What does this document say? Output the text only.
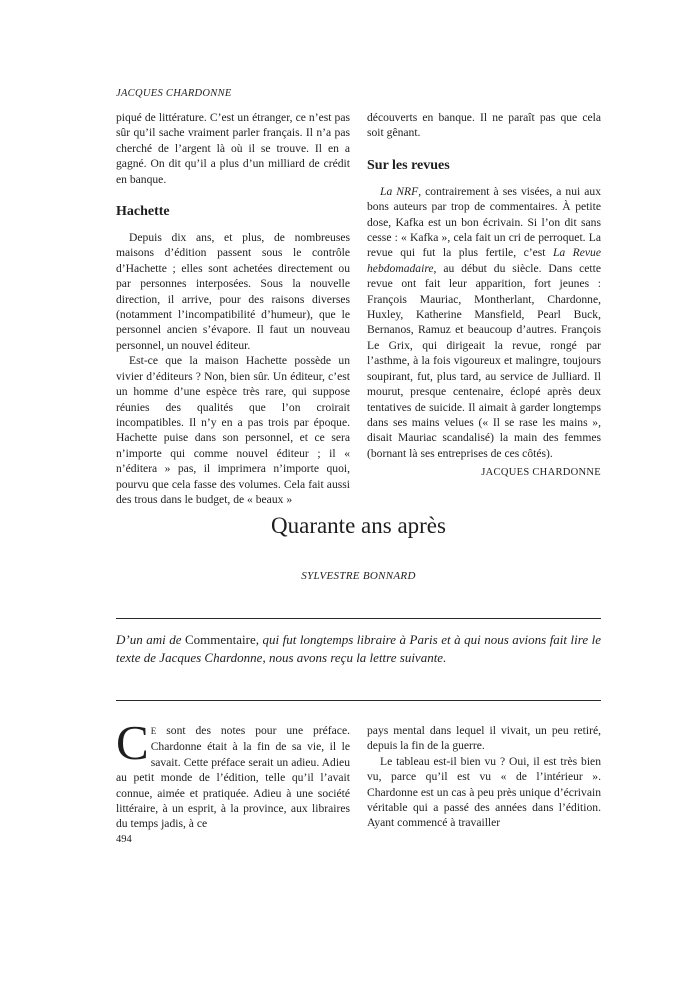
JACQUES CHARDONNE

piqué de littérature. C’est un étranger, ce n’est pas sûr qu’il sache vraiment parler français. Il n’a pas cherché de l’argent là où il se trouve. Il en a gagné. On dit qu’il a plus d’un milliard de crédit en banque.

Hachette

Depuis dix ans, et plus, de nombreuses maisons d’édition passent sous le contrôle d’Hachette ; elles sont achetées directement ou par personnes interposées. Sous la nouvelle direction, il arrive, pour des raisons diverses (notamment l’incompatibilité d’humeur), que le personnel ancien s’évapore. Il faut un nouveau personnel, un nouvel éditeur.

Est-ce que la maison Hachette possède un vivier d’éditeurs ? Non, bien sûr. Un éditeur, c’est un homme d’une espèce très rare, qui suppose réunies des qualités que l’on croirait incompatibles. Il n’y en a pas trois par époque. Hachette puise dans son personnel, et ce sera n’importe qui comme nouvel éditeur ; il « n’éditera » pas, il imprimera n’importe quoi, pourvu que cela fasse des volumes. Cela fait aussi des trous dans le budget, de « beaux »

découverts en banque. Il ne paraît pas que cela soit gênant.

Sur les revues

La NRF, contrairement à ses visées, a nui aux bons auteurs par trop de commentaires. À petite dose, Kafka est un bon écrivain. Si l’on dit sans cesse : « Kafka », cela fait un cri de perroquet. La revue qui fut la plus fertile, c’est La Revue hebdomadaire, au début du siècle. Dans cette revue ont fait leur apparition, fort jeunes : François Mauriac, Montherlant, Chardonne, Huxley, Katherine Mansfield, Pearl Buck, Bernanos, Ramuz et beaucoup d’autres. François Le Grix, qui dirigeait la revue, rongé par l’asthme, à la fois vigoureux et malingre, toujours soupirant, fut, plus tard, au service de Julliard. Il mourut, presque centenaire, éclopé après deux tentatives de suicide. Il aimait à garder longtemps dans ses mains velues (« Il se rase les mains », disait Mauriac scandalisé) la main des femmes (bornant là ses entreprises de ces côtés).

JACQUES CHARDONNE

Quarante ans après
SYLVESTRE BONNARD
D’un ami de Commentaire, qui fut longtemps libraire à Paris et à qui nous avions fait lire le texte de Jacques Chardonne, nous avons reçu la lettre suivante.

C E sont des notes pour une préface. Chardonne était à la fin de sa vie, il le savait. Cette préface serait un adieu. Adieu au petit monde de l’édition, telle qu’il l’avait connue, aimée et pratiquée. Adieu à une société littéraire, à un esprit, à la province, aux libraires du temps jadis, à ce

pays mental dans lequel il vivait, un peu retiré, depuis la fin de la guerre.

Le tableau est-il bien vu ? Oui, il est très bien vu, parce qu’il est vu « de l’intérieur ». Chardonne est un cas à peu près unique d’écrivain véritable qui a passé des années dans l’édition. Ayant commencé à travailler

494
